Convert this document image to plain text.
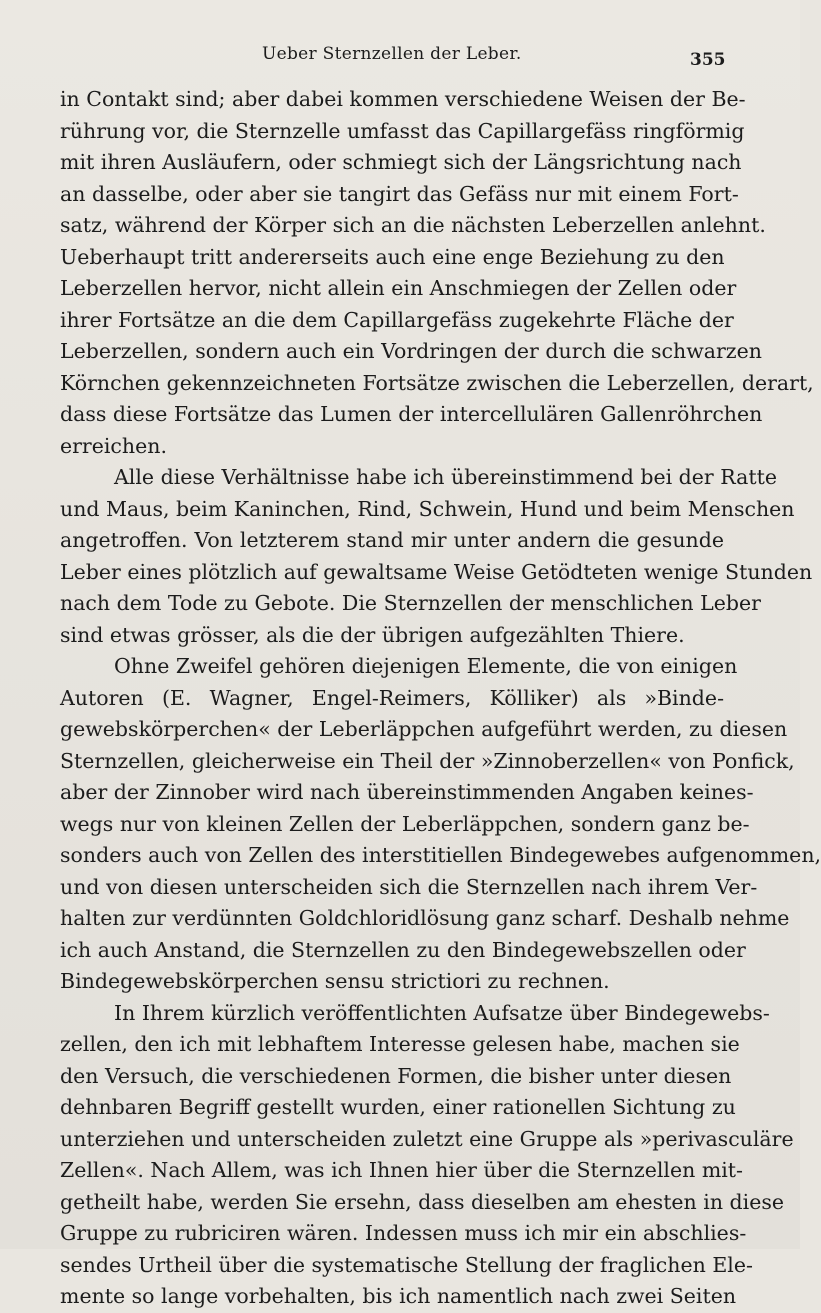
Ueber Sternzellen der Leber.	355
in Contakt sind; aber dabei kommen verschiedene Weisen der Be-
rührung vor, die Sternzelle umfasst das Capillargefäss ringförmig
mit ihren Ausläufern, oder schmiegt sich der Längsrichtung nach
an dasselbe, oder aber sie tangirt das Gefäss nur mit einem Fort-
satz, während der Körper sich an die nächsten Leberzellen anlehnt.
Ueberhaupt tritt andererseits auch eine enge Beziehung zu den
Leberzellen hervor, nicht allein ein Anschmiegen der Zellen oder
ihrer Fortsätze an die dem Capillargefäss zugekehrte Fläche der
Leberzellen, sondern auch ein Vordringen der durch die schwarzen
Körnchen gekennzeichneten Fortsätze zwischen die Leberzellen, derart,
dass diese Fortsätze das Lumen der intercellulären Gallenröhrchen
erreichen.
Alle diese Verhältnisse habe ich übereinstimmend bei der Ratte
und Maus, beim Kaninchen, Rind, Schwein, Hund und beim Menschen
angetroffen. Von letzterem stand mir unter andern die gesunde
Leber eines plötzlich auf gewaltsame Weise Getödteten wenige Stunden
nach dem Tode zu Gebote. Die Sternzellen der menschlichen Leber
sind etwas grösser, als die der übrigen aufgezählten Thiere.
Ohne Zweifel gehören diejenigen Elemente, die von einigen
Autoren (E. Wagner, Engel-Reimers, Kölliker) als »Binde-
gewebskörperchen« der Leberläppchen aufgeführt werden, zu diesen
Sternzellen, gleicherweise ein Theil der »Zinnoberzellen« von Ponfick,
aber der Zinnober wird nach übereinstimmenden Angaben keines-
wegs nur von kleinen Zellen der Leberläppchen, sondern ganz be-
sonders auch von Zellen des interstitiellen Bindegewebes aufgenommen,
und von diesen unterscheiden sich die Sternzellen nach ihrem Ver-
halten zur verdünnten Goldchloridlösung ganz scharf. Deshalb nehme
ich auch Anstand, die Sternzellen zu den Bindegewebszellen oder
Bindegewebskörperchen sensu strictiori zu rechnen.
In Ihrem kürzlich veröffentlichten Aufsatze über Bindegewebs-
zellen, den ich mit lebhaftem Interesse gelesen habe, machen sie
den Versuch, die verschiedenen Formen, die bisher unter diesen
dehnbaren Begriff gestellt wurden, einer rationellen Sichtung zu
unterziehen und unterscheiden zuletzt eine Gruppe als »perivasculäre
Zellen«. Nach Allem, was ich Ihnen hier über die Sternzellen mit-
getheilt habe, werden Sie ersehn, dass dieselben am ehesten in diese
Gruppe zu rubriciren wären. Indessen muss ich mir ein abschlies-
sendes Urtheil über die systematische Stellung der fraglichen Ele-
mente so lange vorbehalten, bis ich namentlich nach zwei Seiten
